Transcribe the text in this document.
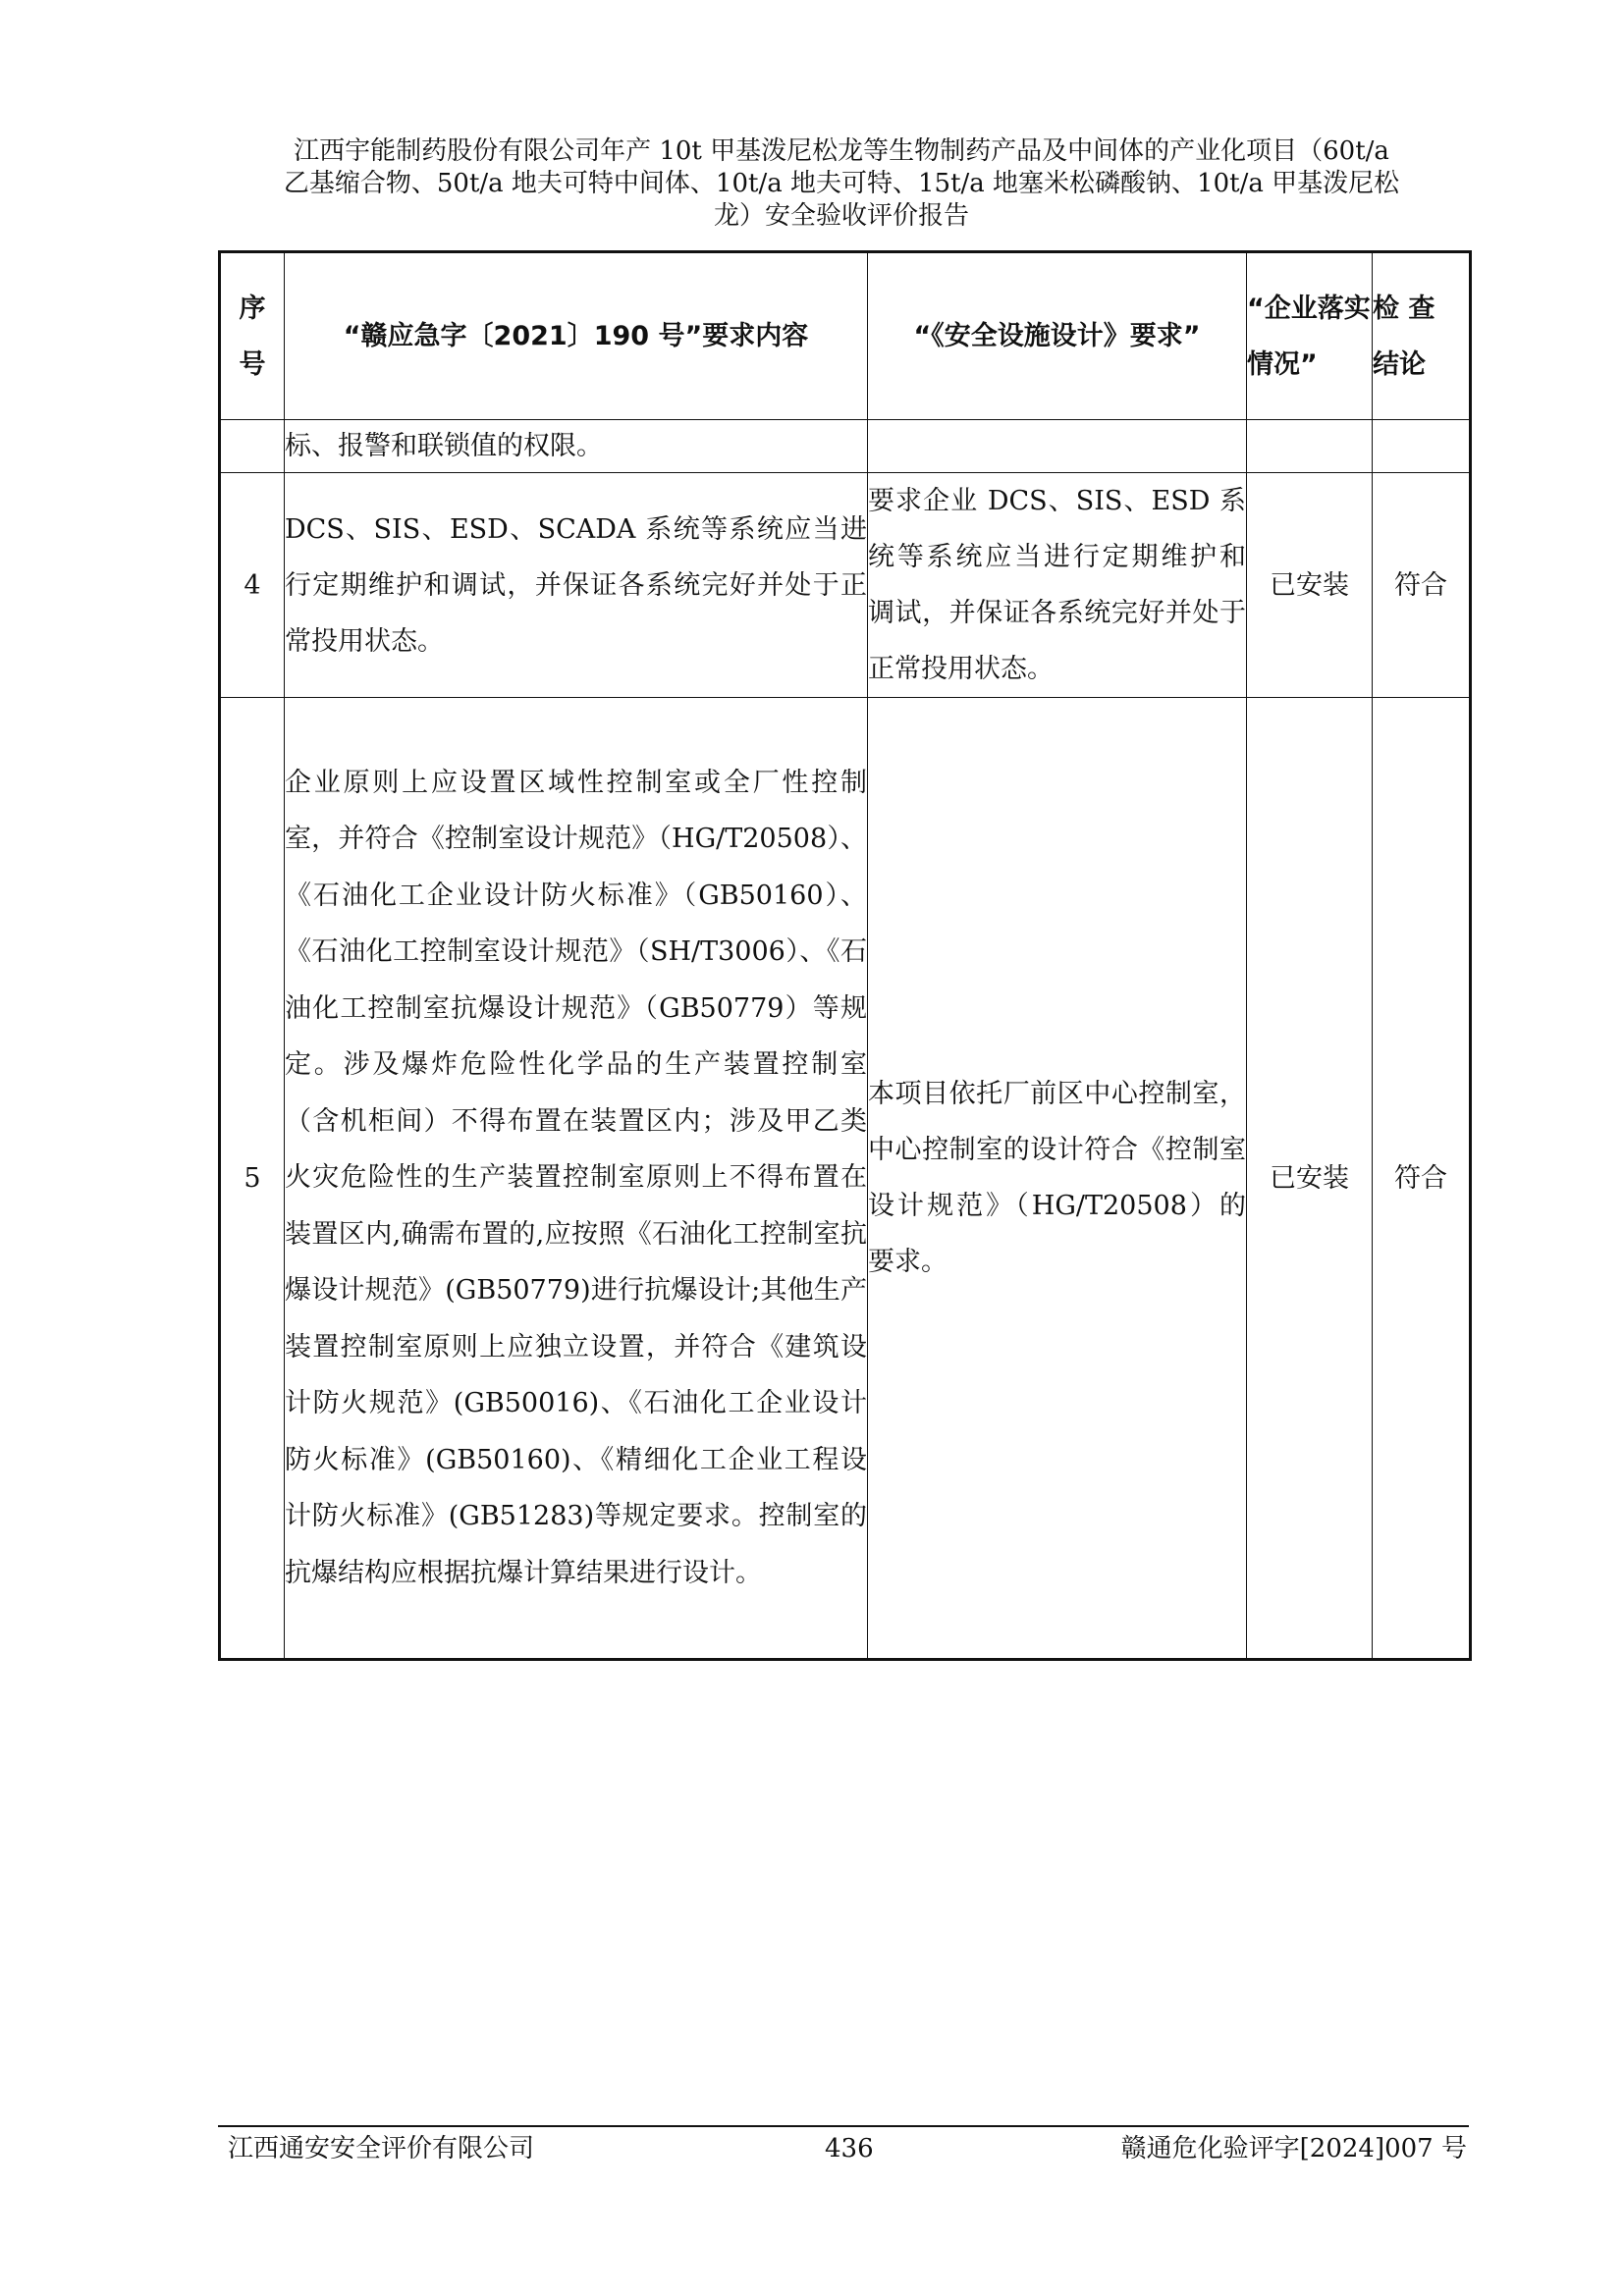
江西宇能制药股份有限公司年产 10t 甲基泼尼松龙等生物制药产品及中间体的产业化项目（60t/a
乙基缩合物、50t/a 地夫可特中间体、10t/a 地夫可特、15t/a 地塞米松磷酸钠、10t/a 甲基泼尼松
龙）安全验收评价报告
序号	“赣应急字〔2021〕190 号”要求内容	“《安全设施设计》要求”	“企业落实情况”	检 查 结论

	标、报警和联锁值的权限。			
4	DCS、SIS、ESD、SCADA 系统等系统应当进行定期维护和调试，并保证各系统完好并处于正常投用状态。	要求企业 DCS、SIS、ESD 系统等系统应当进行定期维护和 调试，并保证各系统完好并处于正常投用状态。	已安装	符合
5	企业原则上应设置区域性控制室或全厂性控制室，并符合《控制室设计规范》（HG/T20508）、《石油化工企业设计防火标准》（GB50160）、《石油化工控制室设计规范》（SH/T3006）、《石油化工控制室抗爆设计规范》（GB50779）等规定。涉及爆炸危险性化学品的生产装置控制室（含机柜间）不得布置在装置区内；涉及甲乙类火灾危险性的生产装置控制室原则上不得布置在装置区内,确需布置的,应按照《石油化工控制室抗爆设计规范》(GB50779)进行抗爆设计;其他生产装置控制室原则上应独立设置，并符合《建筑设计防火规范》(GB50016)、《石油化工企业设计防火标准》(GB50160)、《精细化工企业工程设计防火标准》(GB51283)等规定要求。控制室的抗爆结构应根据抗爆计算结果进行设计。	本项目依托厂前区中心控制室，中心控制室的设计符合《控制室设计规范》（HG/T20508）的要求。	已安装	符合
江西通安安全评价有限公司	436	赣通危化验评字[2024]007 号
